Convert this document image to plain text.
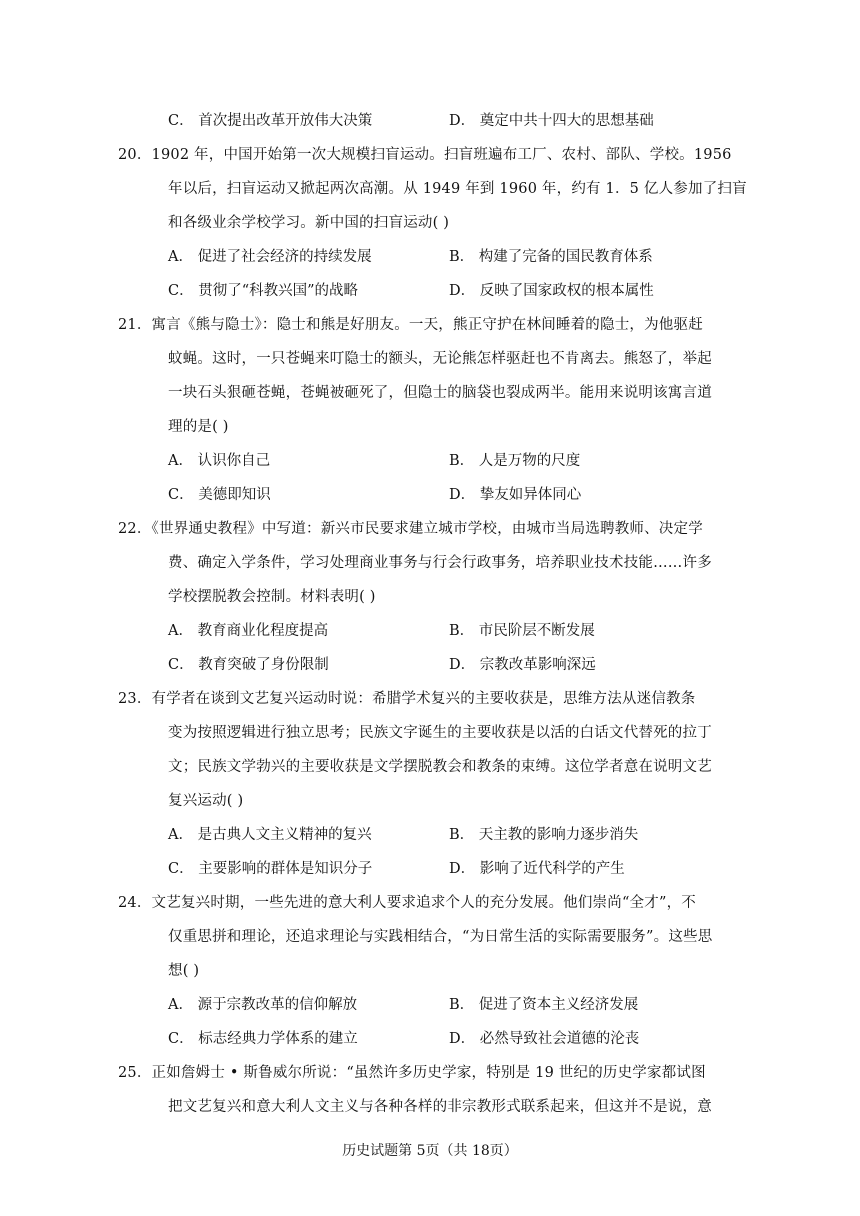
C． 首次提出改革开放伟大决策	D． 奠定中共十四大的思想基础
20．1902 年，中国开始第一次大规模扫盲运动。扫盲班遍布工厂、农村、部队、学校。1956
年以后，扫盲运动又掀起两次高潮。从 1949 年到 1960 年，约有 1．5 亿人参加了扫盲
和各级业余学校学习。新中国的扫盲运动( )
A． 促进了社会经济的持续发展	B． 构建了完备的国民教育体系
C． 贯彻了“科教兴国”的战略	D． 反映了国家政权的根本属性
21．寓言《熊与隐士》：隐士和熊是好朋友。一天，熊正守护在林间睡着的隐士，为他驱赶
蚊蝇。这时，一只苍蝇来叮隐士的额头，无论熊怎样驱赶也不肯离去。熊怒了，举起
一块石头狠砸苍蝇，苍蝇被砸死了，但隐士的脑袋也裂成两半。能用来说明该寓言道
理的是( )
A． 认识你自己	B． 人是万物的尺度
C． 美德即知识	D． 挚友如异体同心
22．《世界通史教程》中写道：新兴市民要求建立城市学校，由城市当局选聘教师、决定学
费、确定入学条件，学习处理商业事务与行会行政事务，培养职业技术技能……许多
学校摆脱教会控制。材料表明( )
A． 教育商业化程度提高	B． 市民阶层不断发展
C． 教育突破了身份限制	D． 宗教改革影响深远
23．有学者在谈到文艺复兴运动时说：希腊学术复兴的主要收获是，思维方法从迷信教条
变为按照逻辑进行独立思考；民族文字诞生的主要收获是以活的白话文代替死的拉丁
文；民族文学勃兴的主要收获是文学摆脱教会和教条的束缚。这位学者意在说明文艺
复兴运动( )
A． 是古典人文主义精神的复兴	B． 天主教的影响力逐步消失
C． 主要影响的群体是知识分子	D． 影响了近代科学的产生
24．文艺复兴时期，一些先进的意大利人要求追求个人的充分发展。他们崇尚“全才”，不
仅重思拼和理论，还追求理论与实践相结合，“为日常生活的实际需要服务”。这些思
想( )
A． 源于宗教改革的信仰解放	B． 促进了资本主义经济发展
C． 标志经典力学体系的建立	D． 必然导致社会道德的沦丧
25．正如詹姆士 • 斯鲁威尔所说：“虽然许多历史学家，特别是 19 世纪的历史学家都试图
把文艺复兴和意大利人文主义与各种各样的非宗教形式联系起来，但这并不是说，意
历史试题第 5页（共 18页）
